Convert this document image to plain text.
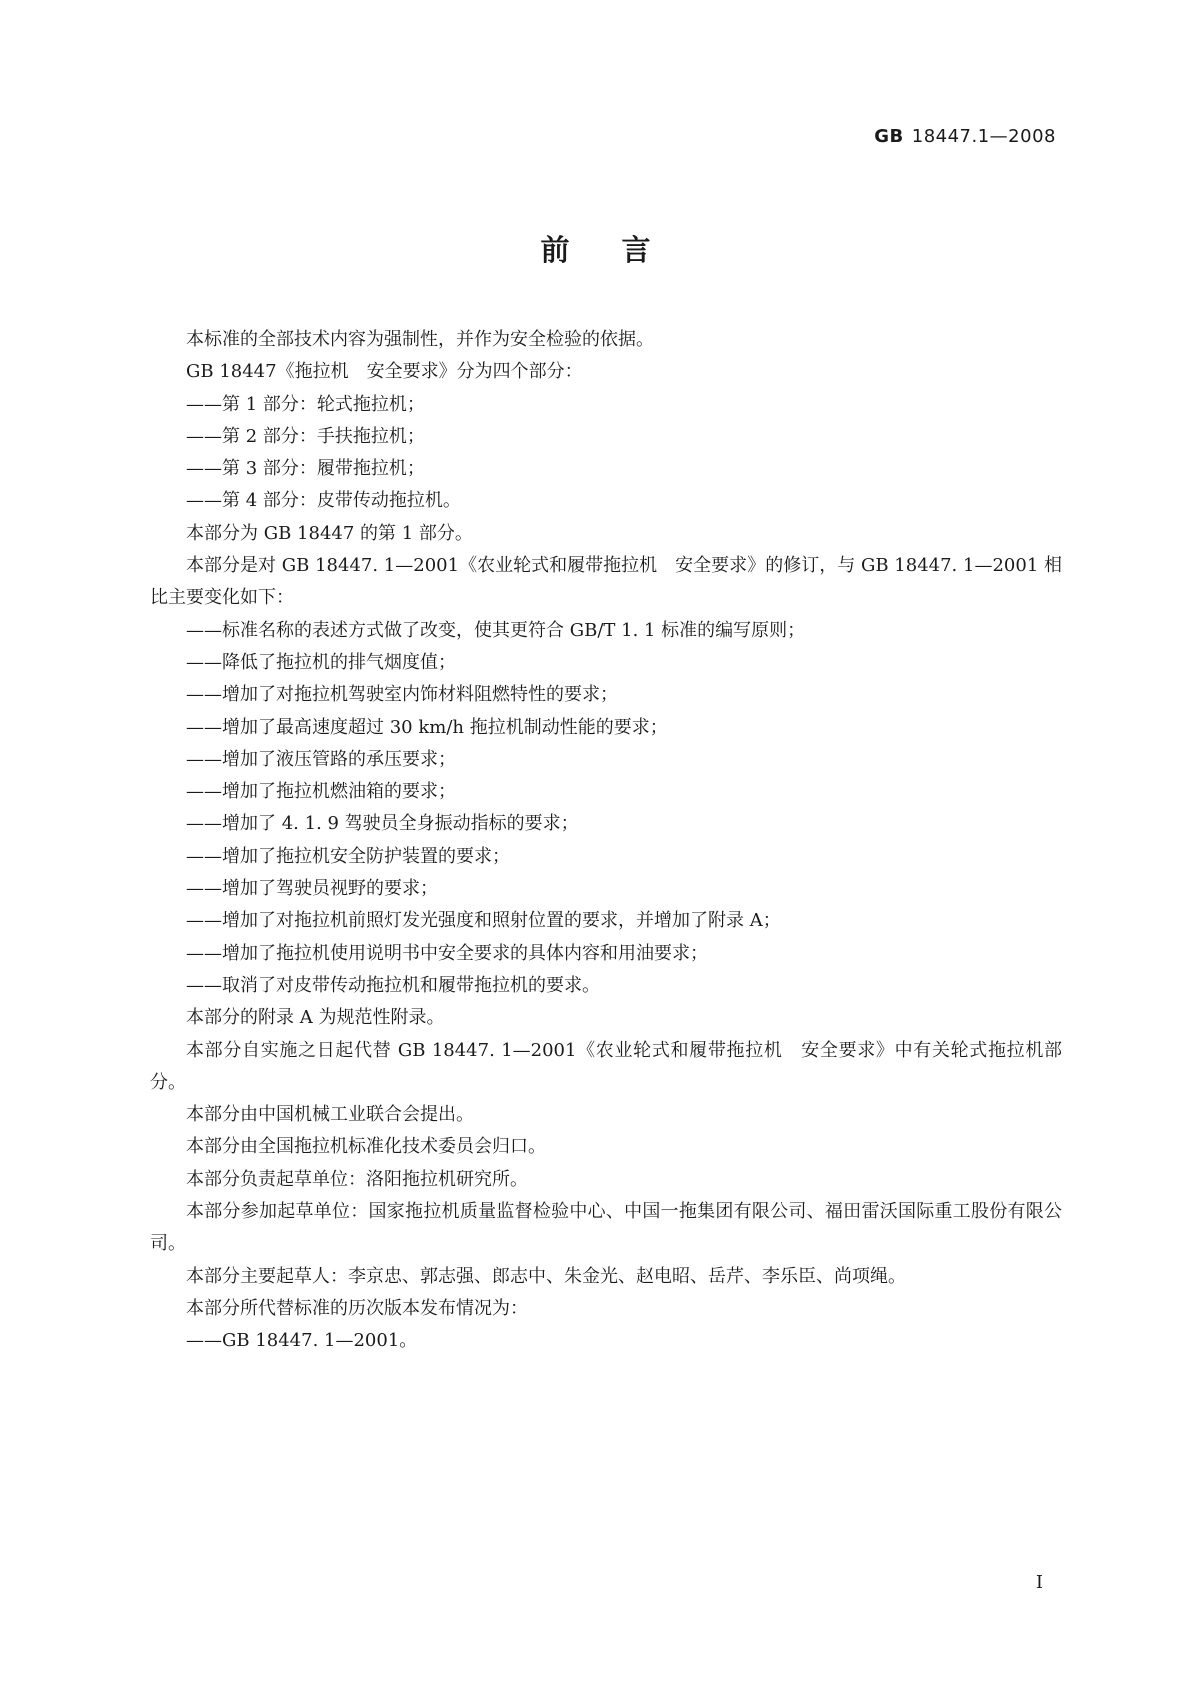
GB 18447.1—2008
前言

本标准的全部技术内容为强制性，并作为安全检验的依据。

GB 18447《拖拉机　安全要求》分为四个部分：

——第 1 部分：轮式拖拉机；

——第 2 部分：手扶拖拉机；

——第 3 部分：履带拖拉机；

——第 4 部分：皮带传动拖拉机。

本部分为 GB 18447 的第 1 部分。

本部分是对 GB 18447. 1—2001《农业轮式和履带拖拉机　安全要求》的修订，与 GB 18447. 1—2001 相比主要变化如下：

——标准名称的表述方式做了改变，使其更符合 GB/T 1. 1 标准的编写原则；

——降低了拖拉机的排气烟度值；

——增加了对拖拉机驾驶室内饰材料阻燃特性的要求；

——增加了最高速度超过 30 km/h 拖拉机制动性能的要求；

——增加了液压管路的承压要求；

——增加了拖拉机燃油箱的要求；

——增加了 4. 1. 9 驾驶员全身振动指标的要求；

——增加了拖拉机安全防护装置的要求；

——增加了驾驶员视野的要求；

——增加了对拖拉机前照灯发光强度和照射位置的要求，并增加了附录 A；

——增加了拖拉机使用说明书中安全要求的具体内容和用油要求；

——取消了对皮带传动拖拉机和履带拖拉机的要求。

本部分的附录 A 为规范性附录。

本部分自实施之日起代替 GB 18447. 1—2001《农业轮式和履带拖拉机　安全要求》中有关轮式拖拉机部分。

本部分由中国机械工业联合会提出。

本部分由全国拖拉机标准化技术委员会归口。

本部分负责起草单位：洛阳拖拉机研究所。

本部分参加起草单位：国家拖拉机质量监督检验中心、中国一拖集团有限公司、福田雷沃国际重工股份有限公司。

本部分主要起草人：李京忠、郭志强、郎志中、朱金光、赵电昭、岳芹、李乐臣、尚项绳。

本部分所代替标准的历次版本发布情况为：

——GB 18447. 1—2001。

I
